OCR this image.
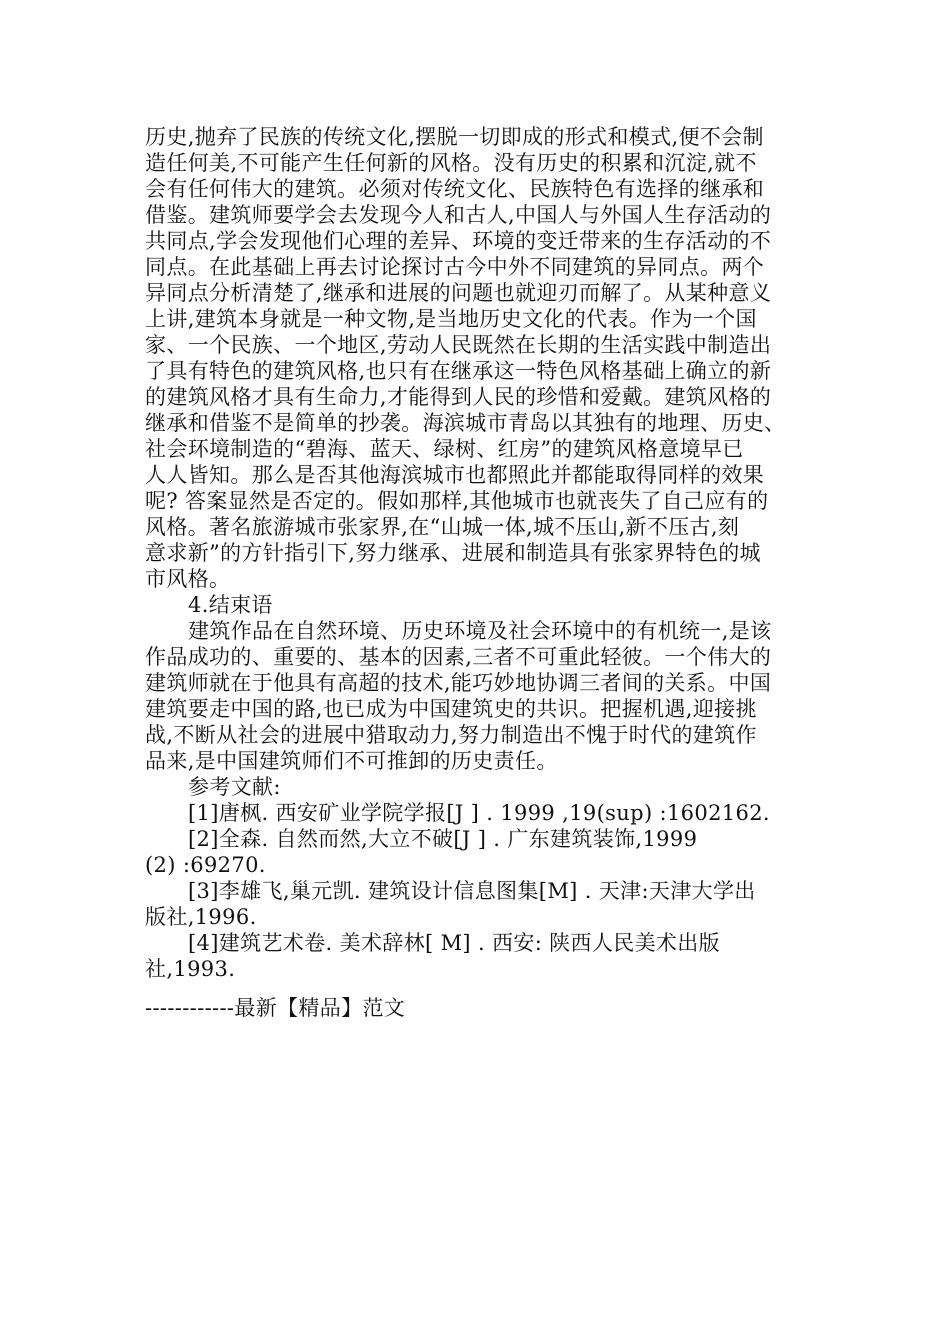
历史,抛弃了民族的传统文化,摆脱一切即成的形式和模式,便不会制
造任何美,不可能产生任何新的风格。没有历史的积累和沉淀,就不
会有任何伟大的建筑。必须对传统文化、民族特色有选择的继承和
借鉴。建筑师要学会去发现今人和古人,中国人与外国人生存活动的
共同点,学会发现他们心理的差异、环境的变迁带来的生存活动的不
同点。在此基础上再去讨论探讨古今中外不同建筑的异同点。两个
异同点分析清楚了,继承和进展的问题也就迎刃而解了。从某种意义
上讲,建筑本身就是一种文物,是当地历史文化的代表。作为一个国
家、一个民族、一个地区,劳动人民既然在长期的生活实践中制造出
了具有特色的建筑风格,也只有在继承这一特色风格基础上确立的新
的建筑风格才具有生命力,才能得到人民的珍惜和爱戴。建筑风格的
继承和借鉴不是简单的抄袭。海滨城市青岛以其独有的地理、历史、
社会环境制造的“碧海、蓝天、绿树、红房”的建筑风格意境早已
人人皆知。那么是否其他海滨城市也都照此并都能取得同样的效果
呢? 答案显然是否定的。假如那样,其他城市也就丧失了自己应有的
风格。著名旅游城市张家界,在“山城一体,城不压山,新不压古,刻
意求新”的方针指引下,努力继承、进展和制造具有张家界特色的城
市风格。
4.结束语
建筑作品在自然环境、历史环境及社会环境中的有机统一,是该
作品成功的、重要的、基本的因素,三者不可重此轻彼。一个伟大的
建筑师就在于他具有高超的技术,能巧妙地协调三者间的关系。中国
建筑要走中国的路,也已成为中国建筑史的共识。把握机遇,迎接挑
战,不断从社会的进展中猎取动力,努力制造出不愧于时代的建筑作
品来,是中国建筑师们不可推卸的历史责任。
参考文献:
[1]唐枫. 西安矿业学院学报[J ] . 1999 ,19(sup) :1602162.
[2]全森. 自然而然,大立不破[J ] . 广东建筑装饰,1999
(2) :69270.
[3]李雄飞,巢元凯. 建筑设计信息图集[M] . 天津:天津大学出
版社,1996.
[4]建筑艺术卷. 美术辞林[ M] . 西安: 陕西人民美术出版
社,1993.
------------最新【精品】范文
